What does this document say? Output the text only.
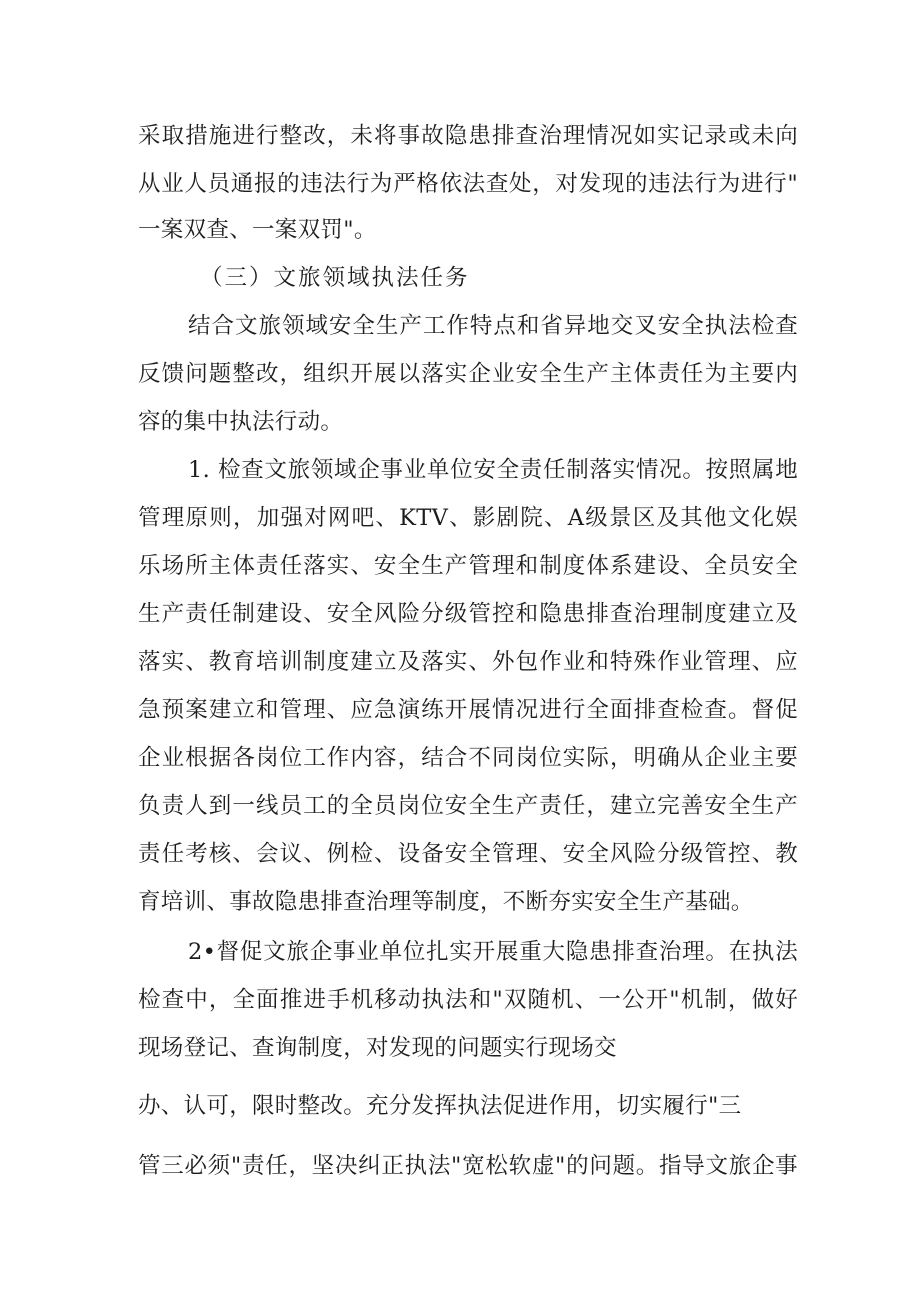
采取措施进行整改，未将事故隐患排查治理情况如实记录或未向
从业人员通报的违法行为严格依法查处，对发现的违法行为进行"
一案双查、一案双罚"。
（三）文旅领域执法任务
结合文旅领域安全生产工作特点和省异地交叉安全执法检查
反馈问题整改，组织开展以落实企业安全生产主体责任为主要内
容的集中执法行动。
1. 检查文旅领域企事业单位安全责任制落实情况。按照属地
管理原则，加强对网吧、KTV、影剧院、A级景区及其他文化娱
乐场所主体责任落实、安全生产管理和制度体系建设、全员安全
生产责任制建设、安全风险分级管控和隐患排查治理制度建立及
落实、教育培训制度建立及落实、外包作业和特殊作业管理、应
急预案建立和管理、应急演练开展情况进行全面排查检查。督促
企业根据各岗位工作内容，结合不同岗位实际，明确从企业主要
负责人到一线员工的全员岗位安全生产责任，建立完善安全生产
责任考核、会议、例检、设备安全管理、安全风险分级管控、教
育培训、事故隐患排查治理等制度，不断夯实安全生产基础。
2•督促文旅企事业单位扎实开展重大隐患排查治理。在执法
检查中，全面推进手机移动执法和"双随机、一公开"机制，做好
现场登记、查询制度，对发现的问题实行现场交
办、认可，限时整改。充分发挥执法促进作用，切实履行"三
管三必须"责任，坚决纠正执法"宽松软虚"的问题。指导文旅企事
